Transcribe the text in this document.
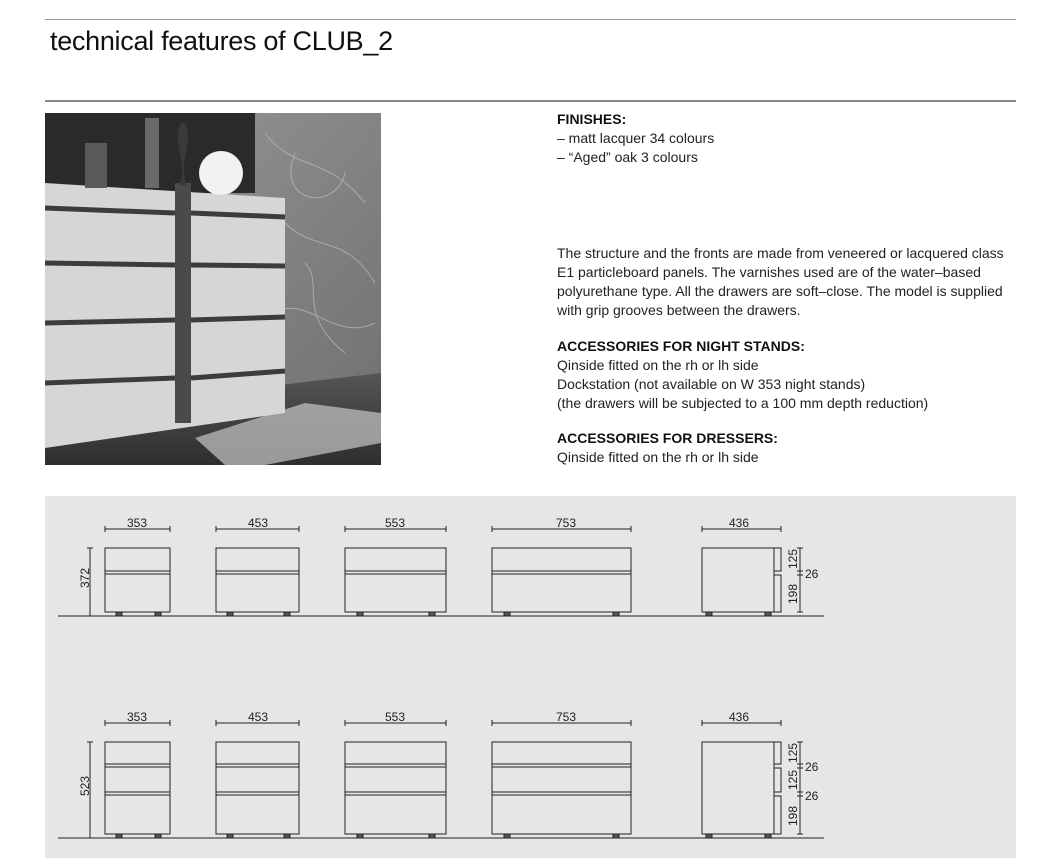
technical features of CLUB_2

FINISHES:

– matt lacquer 34 colours

– “Aged” oak 3 colours

The structure and the fronts are made from veneered or lacquered class

E1 particleboard panels. The varnishes used are of the water–based

polyurethane type. All the drawers are soft–close. The model is supplied

with grip grooves between the drawers.

ACCESSORIES FOR NIGHT STANDS:

Qinside fitted on the rh or lh side

Dockstation (not available on W 353 night stands)

(the drawers will be subjected to a 100 mm depth reduction)

ACCESSORIES FOR DRESSERS:

Qinside fitted on the rh or lh side

353	453	553	753	436
372
125
26
198
353	453	553	753	436
523
125
26
125
26
198
